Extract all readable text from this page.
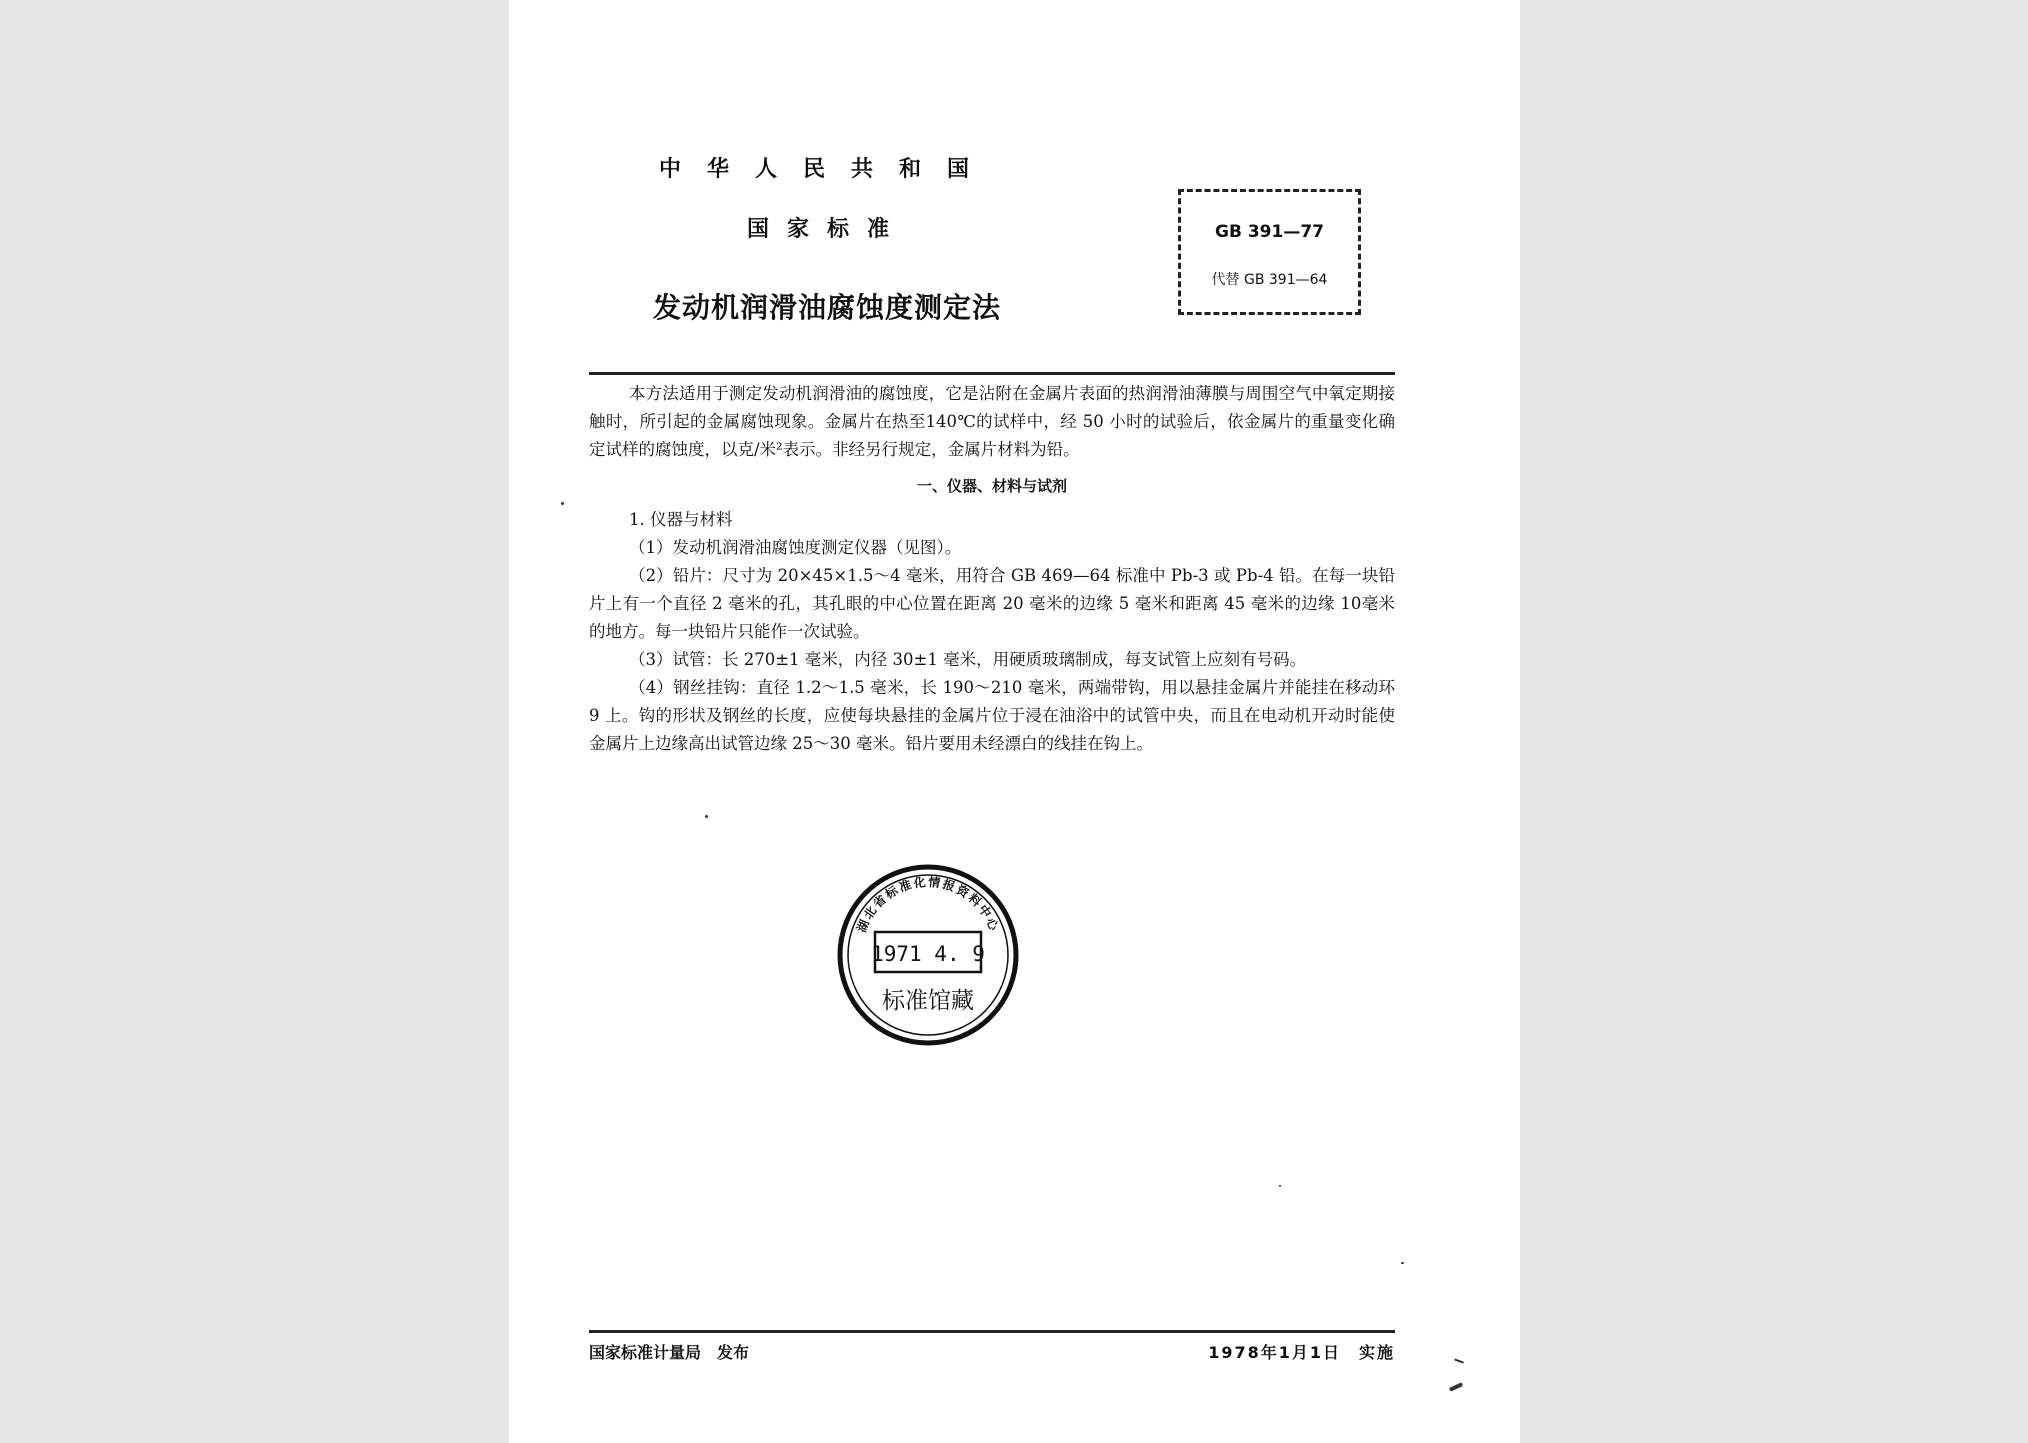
中华人民共和国
国家标准
发动机润滑油腐蚀度测定法
GB 391—77
代替 GB 391—64

本方法适用于测定发动机润滑油的腐蚀度，它是沾附在金属片表面的热润滑油薄膜与周围空气中氧定期接触时，所引起的金属腐蚀现象。金属片在热至140℃的试样中，经 50 小时的试验后，依金属片的重量变化确定试样的腐蚀度，以克/米²表示。非经另行规定，金属片材料为铅。

一、仪器、材料与试剂

1. 仪器与材料

（1）发动机润滑油腐蚀度测定仪器（见图）。

（2）铅片：尺寸为 20×45×1.5～4 毫米，用符合 GB 469—64 标准中 Pb-3 或 Pb-4 铅。在每一块铅片上有一个直径 2 毫米的孔，其孔眼的中心位置在距离 20 毫米的边缘 5 毫米和距离 45 毫米的边缘 10毫米的地方。每一块铅片只能作一次试验。

（3）试管：长 270±1 毫米，内径 30±1 毫米，用硬质玻璃制成，每支试管上应刻有号码。

（4）钢丝挂钩：直径 1.2～1.5 毫米，长 190～210 毫米，两端带钩，用以悬挂金属片并能挂在移动环 9 上。钩的形状及钢丝的长度，应使每块悬挂的金属片位于浸在油浴中的试管中央，而且在电动机开动时能使金属片上边缘高出试管边缘 25～30 毫米。铅片要用未经漂白的线挂在钩上。

湖北省标准化情报资料中心
1971 4. 9
标准馆藏
国家标准计量局　发布	1978年1月1日　实施
